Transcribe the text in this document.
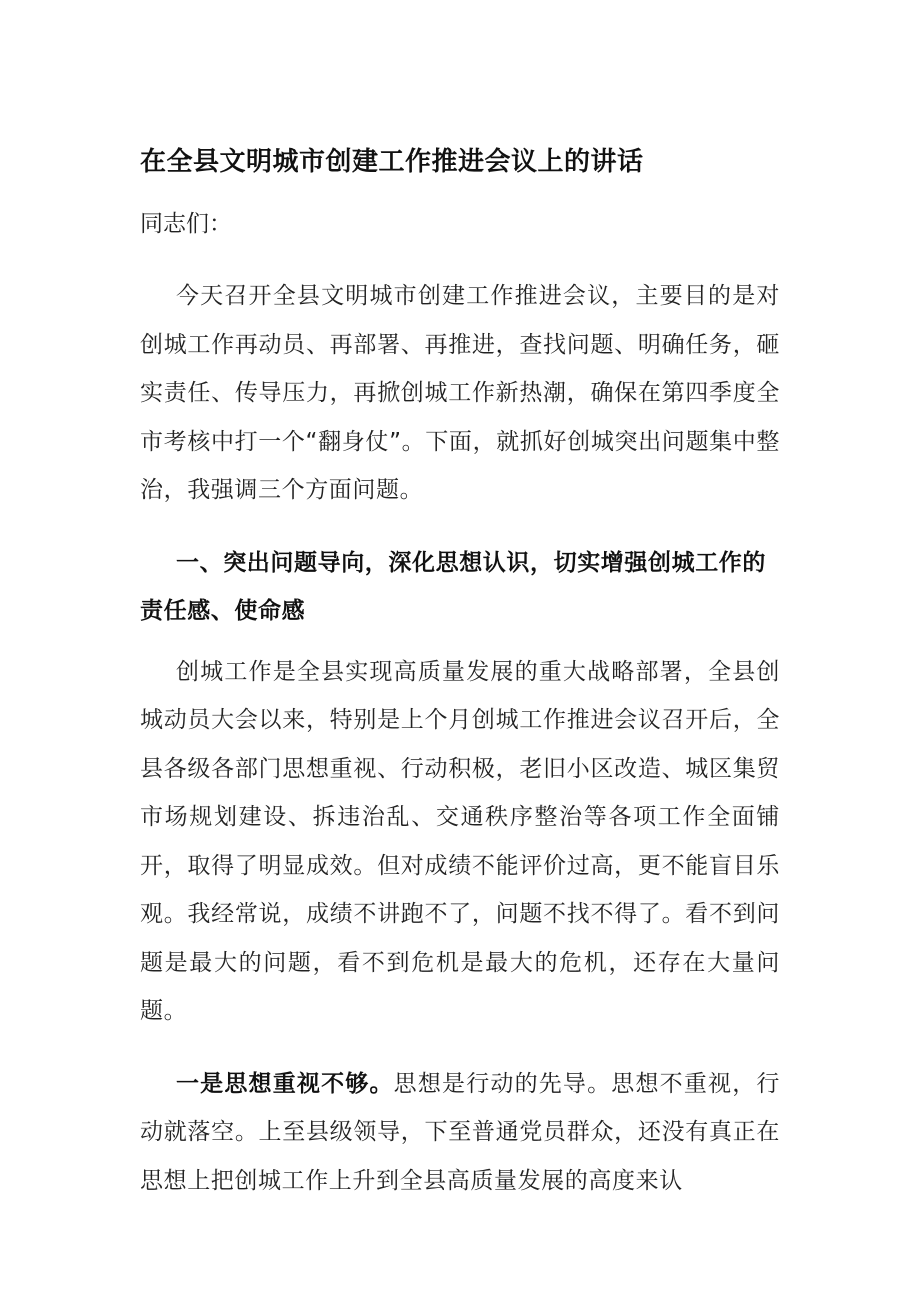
在全县文明城市创建工作推进会议上的讲话

同志们：

今天召开全县文明城市创建工作推进会议，主要目的是对创城工作再动员、再部署、再推进，查找问题、明确任务，砸实责任、传导压力，再掀创城工作新热潮，确保在第四季度全市考核中打一个“翻身仗”。下面，就抓好创城突出问题集中整治，我强调三个方面问题。

一、突出问题导向，深化思想认识，切实增强创城工作的责任感、使命感

创城工作是全县实现高质量发展的重大战略部署，全县创城动员大会以来，特别是上个月创城工作推进会议召开后，全县各级各部门思想重视、行动积极，老旧小区改造、城区集贸市场规划建设、拆违治乱、交通秩序整治等各项工作全面铺开，取得了明显成效。但对成绩不能评价过高，更不能盲目乐观。我经常说，成绩不讲跑不了，问题不找不得了。看不到问题是最大的问题，看不到危机是最大的危机，还存在大量问题。

一是思想重视不够。思想是行动的先导。思想不重视，行动就落空。上至县级领导，下至普通党员群众，还没有真正在思想上把创城工作上升到全县高质量发展的高度来认
